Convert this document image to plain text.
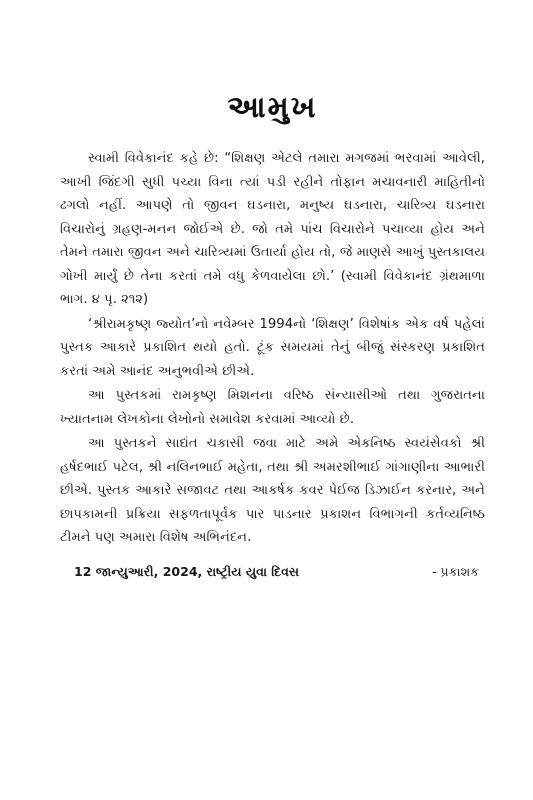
આમુખ

સ્વામી વિવેકાનંદ કહે છે: “શિક્ષણ એટલે તમારા મગજમાં ભરવામાં આવેલી, આખી જિંદગી સુધી પચ્યા વિના ત્યાં પડી રહીને તોફાન મચાવનારી માહિતીનો ઢગલો નહીં. આપણે તો જીવન ઘડનારા, મનુષ્ય ઘડનારા, ચારિત્ર્ય ઘડનારા વિચારોનું ગ્રહણ-મનન જોઈએ છે. જો તમે પાંચ વિચારોને પચાવ્યા હોય અને તેમને તમારા જીવન અને ચારિત્ર્યમાં ઉતાર્યા હોય તો, જે માણસે આખું પુસ્તકાલય ગોખી માર્યું છે તેના કરતાં તમે વધુ કેળવાયેલા છો.’ (સ્વામી વિવેકાનંદ ગ્રંથમાળા ભાગ. ૪ પૃ. ૨૧૨)

‘શ્રીરામકૃષ્ણ જ્યોત’નો નવેમ્બર 1994નો ‘શિક્ષણ’ વિશેષાંક એક વર્ષ પહેલાં પુસ્તક આકારે પ્રકાશિત થયો હતો. ટૂંક સમયમાં તેનું બીજું સંસ્કરણ પ્રકાશિત કરતાં અમે આનંદ અનુભવીએ છીએ.

આ પુસ્તકમાં રામકૃષ્ણ મિશનના વરિષ્ઠ સંન્યાસીઓ તથા ગુજરાતના ખ્યાતનામ લેખકોના લેખોનો સમાવેશ કરવામાં આવ્યો છે.

આ પુસ્તકને સાદ્યંત ચકાસી જવા માટે અમે એકનિષ્ઠ સ્વયંસેવકો શ્રી હર્ષદભાઈ પટેલ, શ્રી નલિનભાઈ મહેતા, તથા શ્રી અમરશીભાઈ ગાંગાણીના આભારી છીએ. પુસ્તક આકારે સજાવટ તથા આકર્ષક કવર પેઈજ ડિઝાઈન કરનાર, અને છાપકામની પ્રક્રિયા સફળતાપૂર્વક પાર પાડનાર પ્રકાશન વિભાગની કર્તવ્યનિષ્ઠ ટીમને પણ અમારા વિશેષ અભિનંદન.

12 જાન્યુઆરી, 2024, રાષ્ટ્રીય યુવા દિવસ	- પ્રકાશક
